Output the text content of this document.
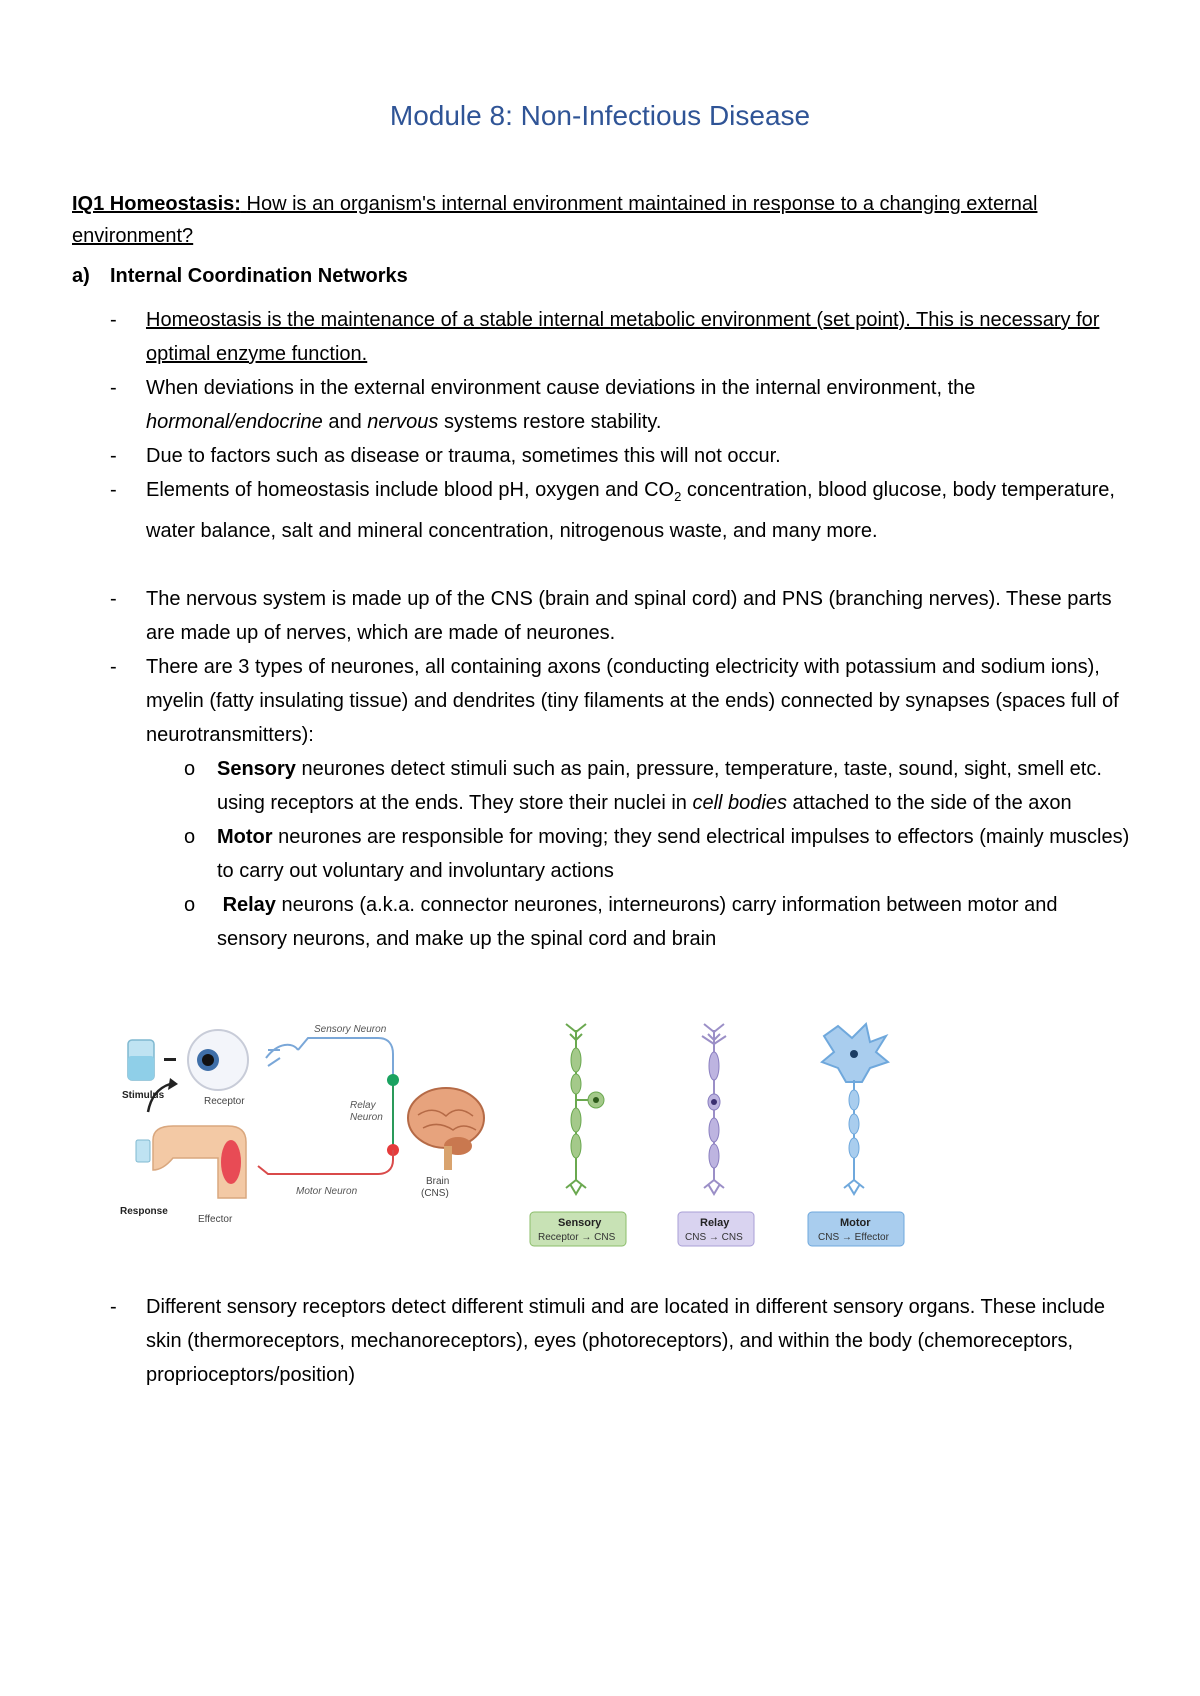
Module 8: Non-Infectious Disease
IQ1 Homeostasis: How is an organism's internal environment maintained in response to a changing external environment?
a) Internal Coordination Networks
- Homeostasis is the maintenance of a stable internal metabolic environment (set point). This is necessary for optimal enzyme function.
- When deviations in the external environment cause deviations in the internal environment, the hormonal/endocrine and nervous systems restore stability.
- Due to factors such as disease or trauma, sometimes this will not occur.
- Elements of homeostasis include blood pH, oxygen and $CO_2$ concentration, blood glucose, body temperature, water balance, salt and mineral concentration, nitrogenous waste, and many more.
- The nervous system is made up of the CNS (brain and spinal cord) and PNS (branching nerves). These parts are made up of nerves, which are made of neurones.
- There are 3 types of neurones, all containing axons (conducting electricity with potassium and sodium ions), myelin (fatty insulating tissue) and dendrites (tiny filaments at the ends) connected by synapses (spaces full of neurotransmitters):
o Sensory neurones detect stimuli such as pain, pressure, temperature, taste, sound, sight, smell etc. using receptors at the ends. They store their nuclei in cell bodies attached to the side of the axon
o Motor neurones are responsible for moving; they send electrical impulses to effectors (mainly muscles) to carry out voluntary and involuntary actions
o Relay neurons (a.k.a. connector neurones, interneurons) carry information between motor and sensory neurons, and make up the spinal cord and brain
Stimulus
Receptor
Sensory Neuron
Relay
Neuron
Motor Neuron
Brain
(CNS)
Response
Effector	Sensory
Receptor → CNS
Relay
CNS → CNS
Motor
CNS → Effector
- Different sensory receptors detect different stimuli and are located in different sensory organs. These include skin (thermoreceptors, mechanoreceptors), eyes (photoreceptors), and within the body (chemoreceptors, proprioceptors/position)
